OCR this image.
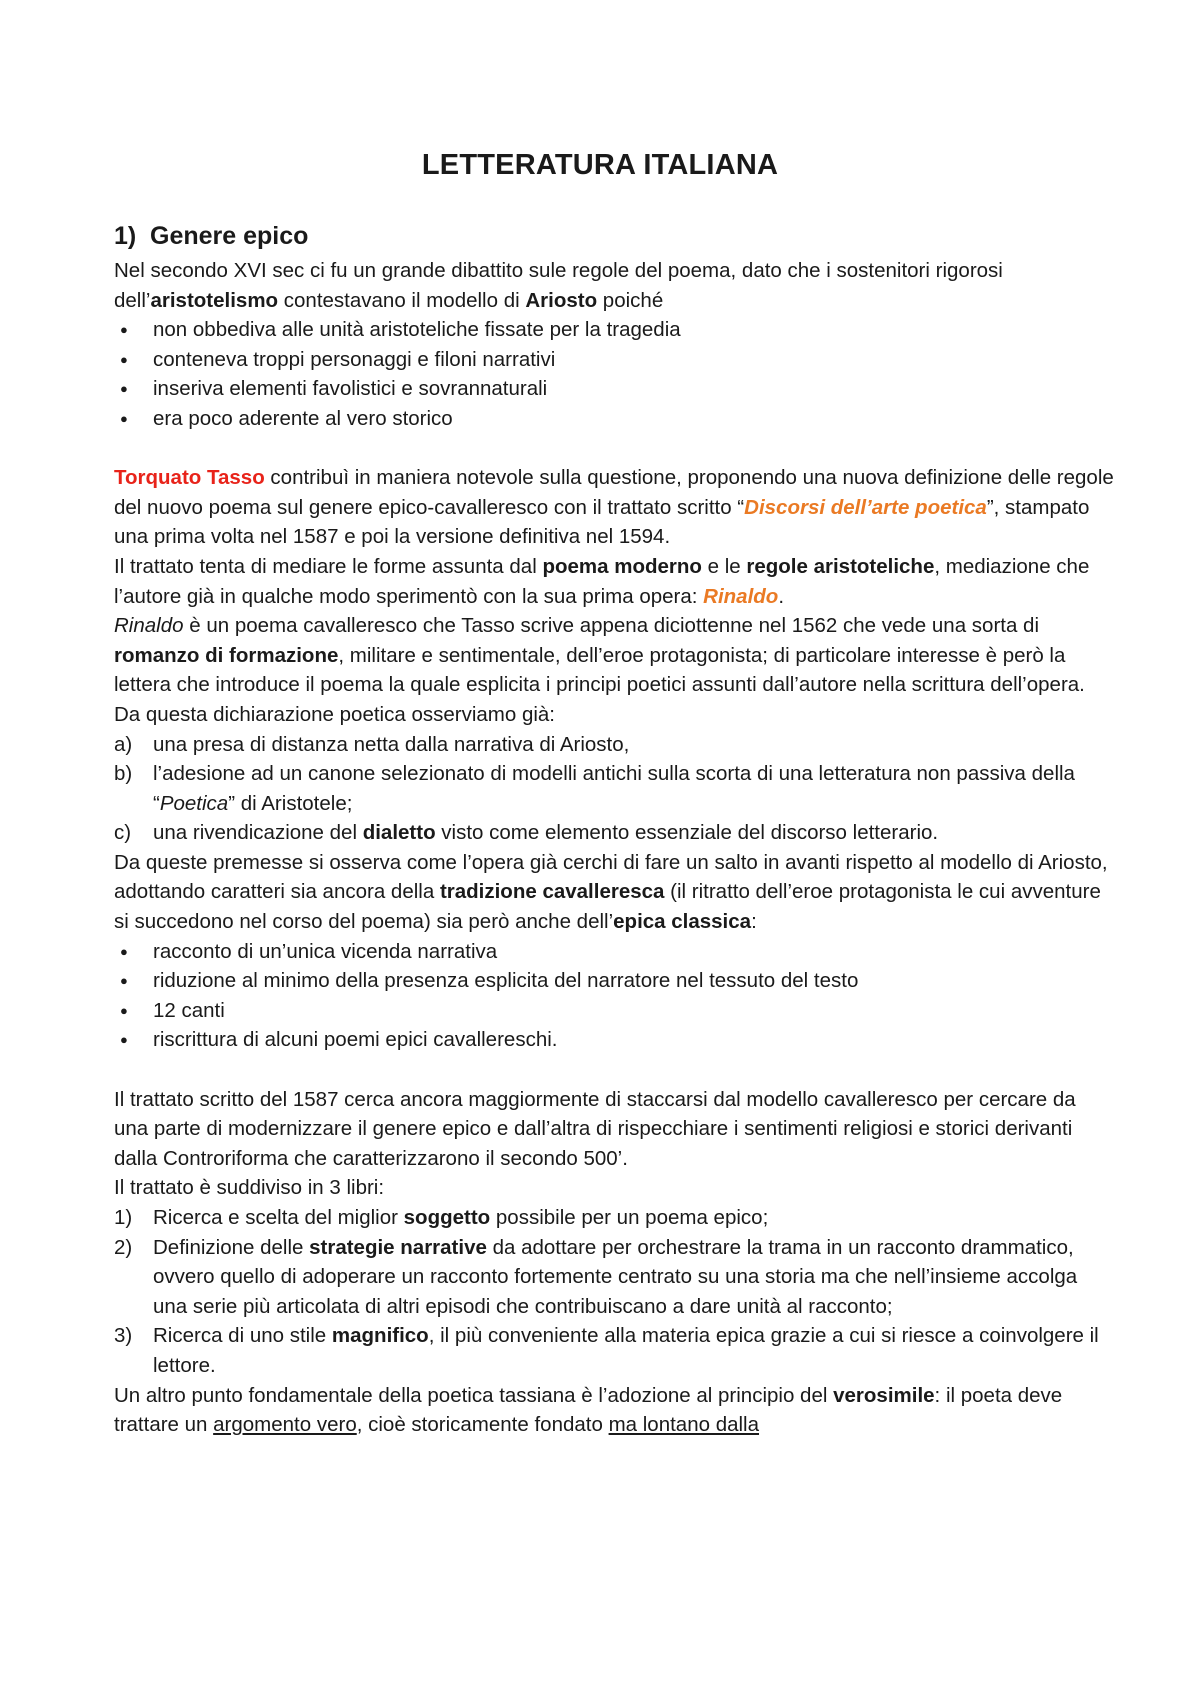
LETTERATURA ITALIANA
1) Genere epico

Nel secondo XVI sec ci fu un grande dibattito sule regole del poema, dato che i sostenitori rigorosi dell’aristotelismo contestavano il modello di Ariosto poiché

● non obbediva alle unità aristoteliche fissate per la tragedia
● conteneva troppi personaggi e filoni narrativi
● inseriva elementi favolistici e sovrannaturali
● era poco aderente al vero storico

Torquato Tasso contribuì in maniera notevole sulla questione, proponendo una nuova definizione delle regole del nuovo poema sul genere epico-cavalleresco con il trattato scritto “Discorsi dell’arte poetica”, stampato una prima volta nel 1587 e poi la versione definitiva nel 1594.

Il trattato tenta di mediare le forme assunta dal poema moderno e le regole aristoteliche, mediazione che l’autore già in qualche modo sperimentò con la sua prima opera: Rinaldo.
Rinaldo è un poema cavalleresco che Tasso scrive appena diciottenne nel 1562 che vede una sorta di romanzo di formazione, militare e sentimentale, dell’eroe protagonista; di particolare interesse è però la lettera che introduce il poema la quale esplicita i principi poetici assunti dall’autore nella scrittura dell’opera. Da questa dichiarazione poetica osserviamo già:

a) una presa di distanza netta dalla narrativa di Ariosto,
b) l’adesione ad un canone selezionato di modelli antichi sulla scorta di una letteratura non passiva della “Poetica” di Aristotele;
c) una rivendicazione del dialetto visto come elemento essenziale del discorso letterario.

Da queste premesse si osserva come l’opera già cerchi di fare un salto in avanti rispetto al modello di Ariosto, adottando caratteri sia ancora della tradizione cavalleresca (il ritratto dell’eroe protagonista le cui avventure si succedono nel corso del poema) sia però anche dell’epica classica:

● racconto di un’unica vicenda narrativa
● riduzione al minimo della presenza esplicita del narratore nel tessuto del testo
● 12 canti
● riscrittura di alcuni poemi epici cavallereschi.

Il trattato scritto del 1587 cerca ancora maggiormente di staccarsi dal modello cavalleresco per cercare da una parte di modernizzare il genere epico e dall’altra di rispecchiare i sentimenti religiosi e storici derivanti dalla Controriforma che caratterizzarono il secondo 500’.

Il trattato è suddiviso in 3 libri:

1) Ricerca e scelta del miglior soggetto possibile per un poema epico;
2) Definizione delle strategie narrative da adottare per orchestrare la trama in un racconto drammatico, ovvero quello di adoperare un racconto fortemente centrato su una storia ma che nell’insieme accolga una serie più articolata di altri episodi che contribuiscano a dare unità al racconto;
3) Ricerca di uno stile magnifico, il più conveniente alla materia epica grazie a cui si riesce a coinvolgere il lettore.

Un altro punto fondamentale della poetica tassiana è l’adozione al principio del verosimile: il poeta deve trattare un argomento vero, cioè storicamente fondato ma lontano dalla
